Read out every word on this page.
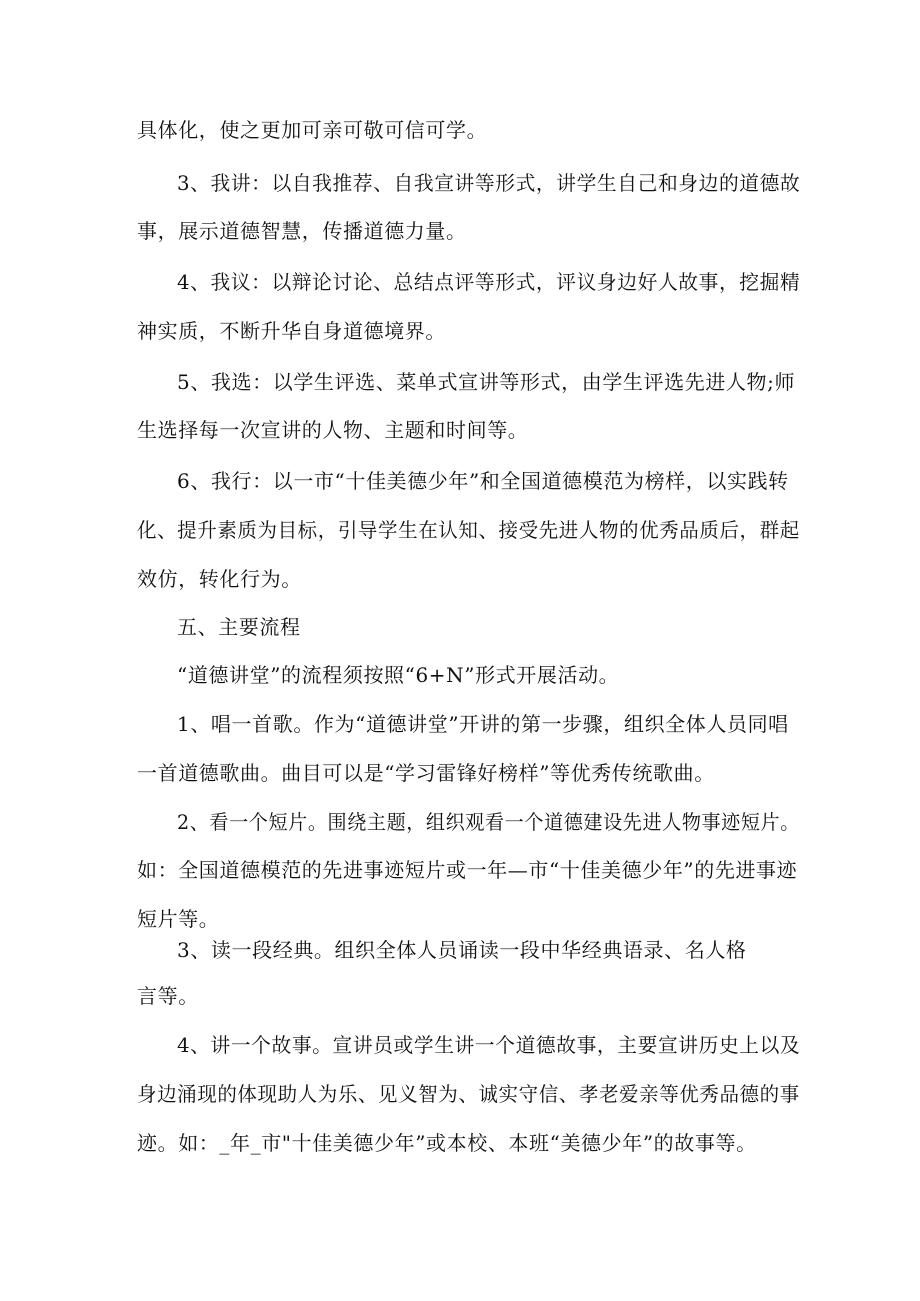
具体化，使之更加可亲可敬可信可学。
3、我讲：以自我推荐、自我宣讲等形式，讲学生自己和身边的道德故
事，展示道德智慧，传播道德力量。
4、我议：以辩论讨论、总结点评等形式，评议身边好人故事，挖掘精
神实质，不断升华自身道德境界。
5、我选：以学生评选、菜单式宣讲等形式，由学生评选先进人物;师
生选择每一次宣讲的人物、主题和时间等。
6、我行：以一市“十佳美德少年”和全国道德模范为榜样，以实践转
化、提升素质为目标，引导学生在认知、接受先进人物的优秀品质后，群起
效仿，转化行为。
五、主要流程
“道德讲堂”的流程须按照“6+N”形式开展活动。
1、唱一首歌。作为“道德讲堂”开讲的第一步骤，组织全体人员同唱
一首道德歌曲。曲目可以是“学习雷锋好榜样”等优秀传统歌曲。
2、看一个短片。围绕主题，组织观看一个道德建设先进人物事迹短片。
如：全国道德模范的先进事迹短片或一年—市“十佳美德少年”的先进事迹
短片等。
3、读一段经典。组织全体人员诵读一段中华经典语录、名人格
言等。
4、讲一个故事。宣讲员或学生讲一个道德故事，主要宣讲历史上以及
身边涌现的体现助人为乐、见义智为、诚实守信、孝老爱亲等优秀品德的事
迹。如：_年_市"十佳美德少年”或本校、本班“美德少年”的故事等。
